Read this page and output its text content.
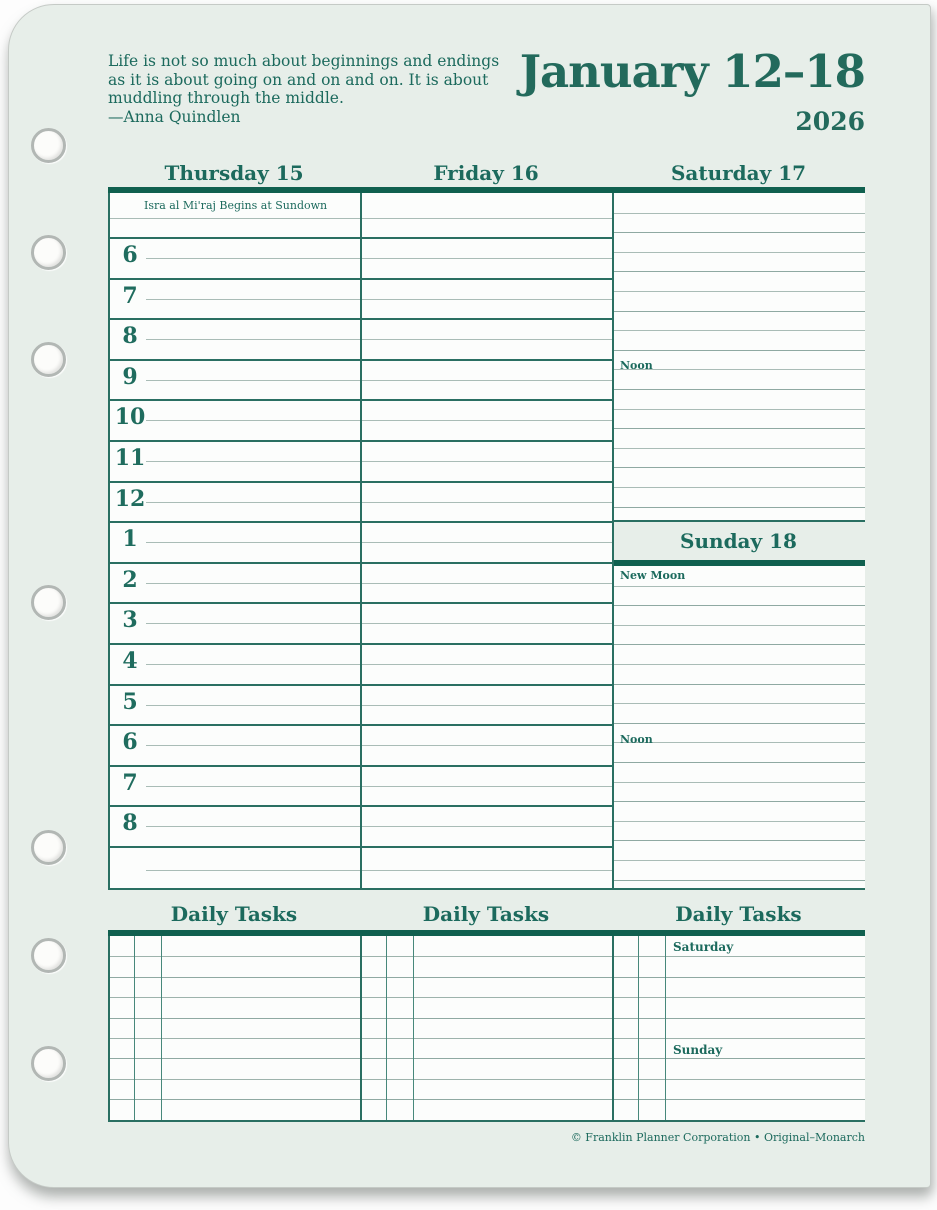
Life is not so much about beginnings and endings as it is about going on and on and on. It is about muddling through the middle.
—Anna Quindlen
January 12–18
2026
Thursday 15	Friday 16	Saturday 17
Isra al Mi'raj Begins at Sundown
6
7
8
9
10
11
12
1
2
3
4
5
6
7
8
Noon
Sunday 18
New Moon
Noon
Daily Tasks	Daily Tasks	Daily Tasks
Saturday
Sunday
© Franklin Planner Corporation • Original–Monarch
